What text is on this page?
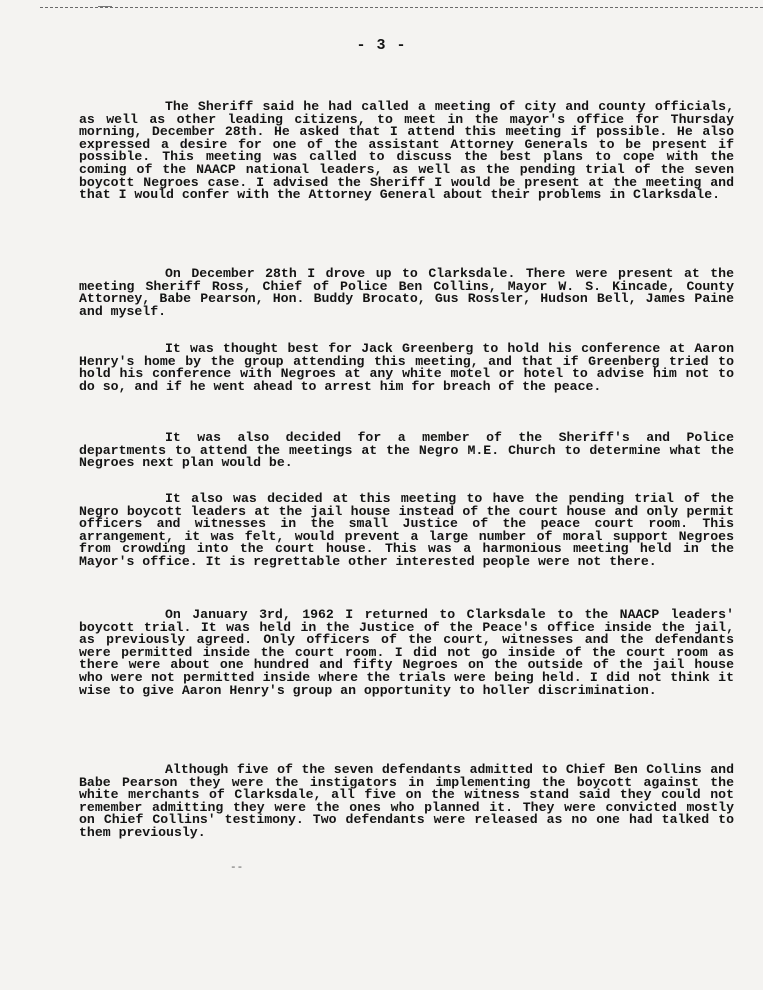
- 3 -

The Sheriff said he had called a meeting of city and county officials, as well as other leading citizens, to meet in the mayor's office for Thursday morning, December 28th. He asked that I attend this meeting if possible. He also expressed a desire for one of the assistant Attorney Generals to be present if possible. This meeting was called to discuss the best plans to cope with the coming of the NAACP national leaders, as well as the pending trial of the seven boycott Negroes case. I advised the Sheriff I would be present at the meeting and that I would confer with the Attorney General about their problems in Clarksdale.

On December 28th I drove up to Clarksdale. There were present at the meeting Sheriff Ross, Chief of Police Ben Collins, Mayor W. S. Kincade, County Attorney, Babe Pearson, Hon. Buddy Brocato, Gus Rossler, Hudson Bell, James Paine and myself.

It was thought best for Jack Greenberg to hold his conference at Aaron Henry's home by the group attending this meeting, and that if Greenberg tried to hold his conference with Negroes at any white motel or hotel to advise him not to do so, and if he went ahead to arrest him for breach of the peace.

It was also decided for a member of the Sheriff's and Police departments to attend the meetings at the Negro M.E. Church to determine what the Negroes next plan would be.

It also was decided at this meeting to have the pending trial of the Negro boycott leaders at the jail house instead of the court house and only permit officers and witnesses in the small Justice of the peace court room. This arrangement, it was felt, would prevent a large number of moral support Negroes from crowding into the court house. This was a harmonious meeting held in the Mayor's office. It is regrettable other interested people were not there.

On January 3rd, 1962 I returned to Clarksdale to the NAACP leaders' boycott trial. It was held in the Justice of the Peace's office inside the jail, as previously agreed. Only officers of the court, witnesses and the defendants were permitted inside the court room. I did not go inside of the court room as there were about one hundred and fifty Negroes on the outside of the jail house who were not permitted inside where the trials were being held. I did not think it wise to give Aaron Henry's group an opportunity to holler discrimination.

Although five of the seven defendants admitted to Chief Ben Collins and Babe Pearson they were the instigators in implementing the boycott against the white merchants of Clarksdale, all five on the witness stand said they could not remember admitting they were the ones who planned it. They were convicted mostly on Chief Collins' testimony. Two defendants were released as no one had talked to them previously.

--
